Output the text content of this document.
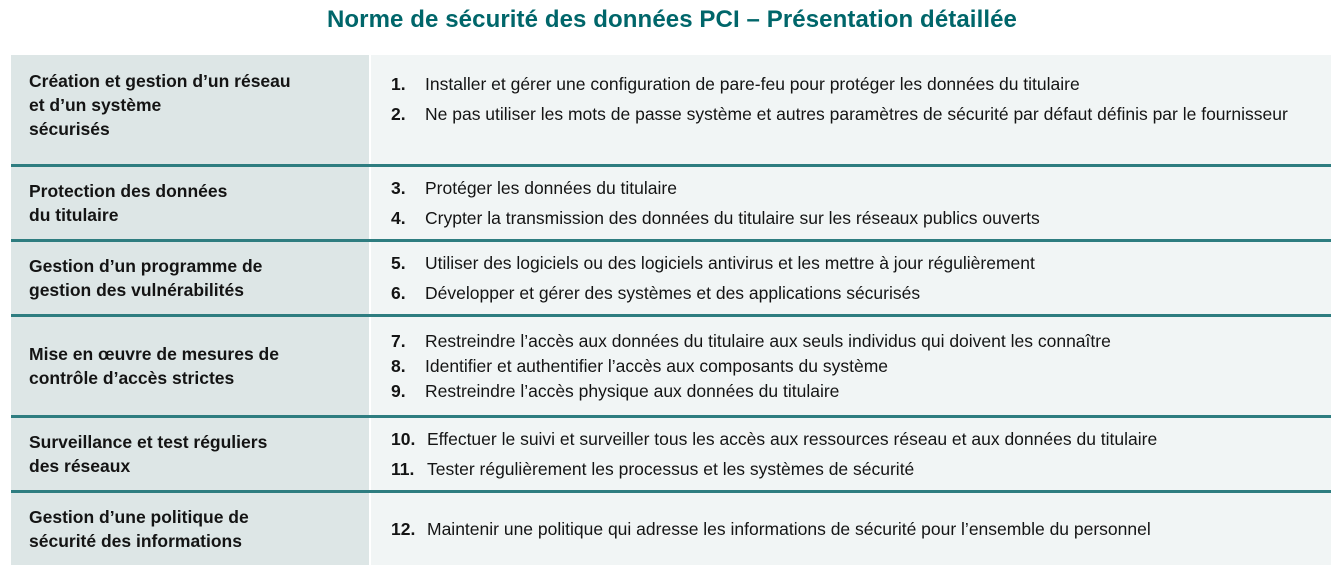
Norme de sécurité des données PCI – Présentation détaillée
Création et gestion d’un réseau
et d’un système
sécurisés
1.	Installer et gérer une configuration de pare-feu pour protéger les données du titulaire
2.	Ne pas utiliser les mots de passe système et autres paramètres de sécurité par défaut définis par le fournisseur
Protection des données
du titulaire
3.	Protéger les données du titulaire
4.	Crypter la transmission des données du titulaire sur les réseaux publics ouverts
Gestion d’un programme de
gestion des vulnérabilités
5.	Utiliser des logiciels ou des logiciels antivirus et les mettre à jour régulièrement
6.	Développer et gérer des systèmes et des applications sécurisés
Mise en œuvre de mesures de
contrôle d’accès strictes
7.	Restreindre l’accès aux données du titulaire aux seuls individus qui doivent les connaître
8.	Identifier et authentifier l’accès aux composants du système
9.	Restreindre l’accès physique aux données du titulaire
Surveillance et test réguliers
des réseaux
10. Effectuer le suivi et surveiller tous les accès aux ressources réseau et aux données du titulaire
11. Tester régulièrement les processus et les systèmes de sécurité
Gestion d’une politique de
sécurité des informations
12. Maintenir une politique qui adresse les informations de sécurité pour l’ensemble du personnel
